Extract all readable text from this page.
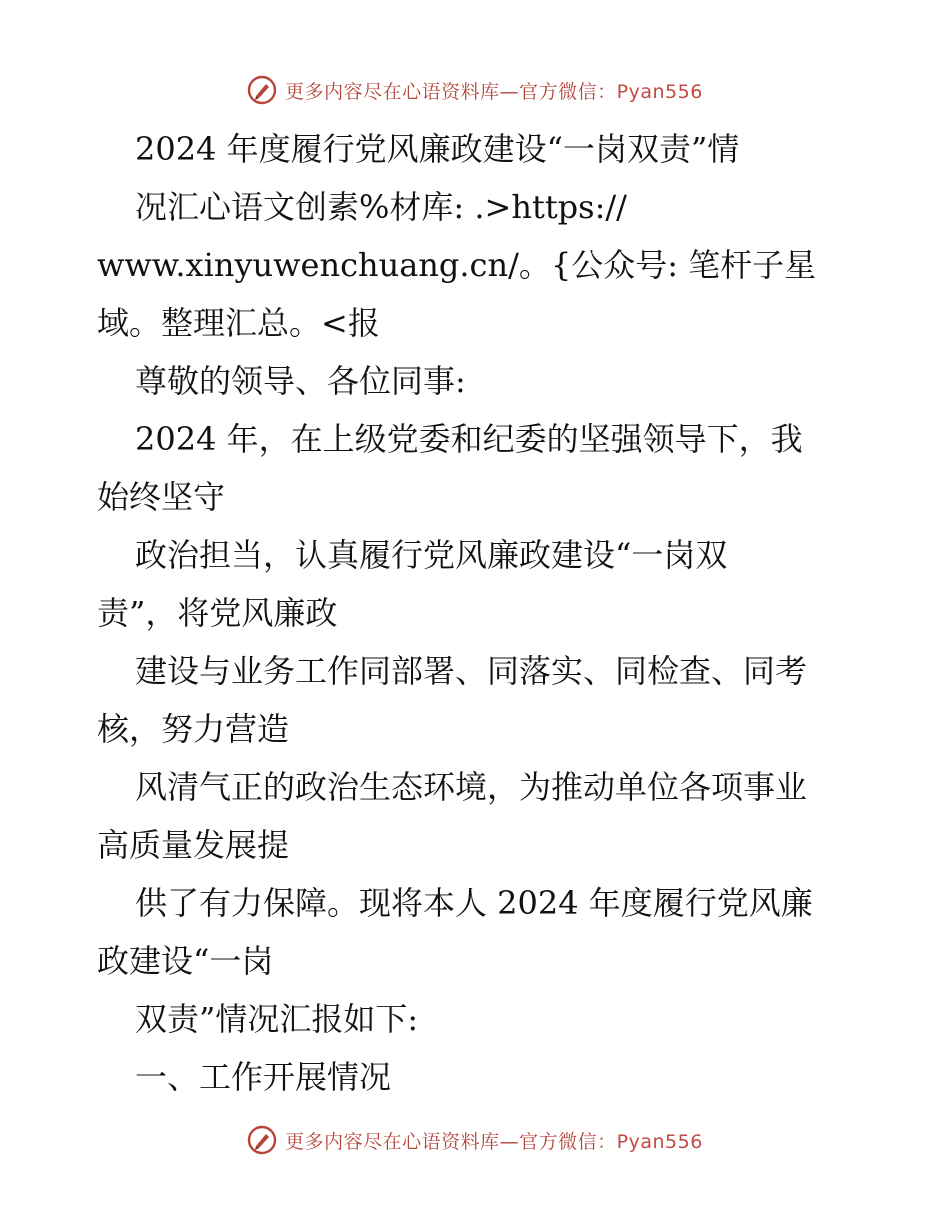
更多内容尽在心语资料库—官方微信：Pyan556
2024 年度履行党风廉政建设“一岗双责”情
况汇心语文创素%材库: .>https://
www.xinyuwenchuang.cn/。{公众号: 笔杆子星
域。整理汇总。<报
尊敬的领导、各位同事:
2024 年，在上级党委和纪委的坚强领导下，我
始终坚守
政治担当，认真履行党风廉政建设“一岗双
责”，将党风廉政
建设与业务工作同部署、同落实、同检查、同考
核，努力营造
风清气正的政治生态环境，为推动单位各项事业
高质量发展提
供了有力保障。现将本人 2024 年度履行党风廉
政建设“一岗
双责”情况汇报如下:
一、工作开展情况
更多内容尽在心语资料库—官方微信：Pyan556
